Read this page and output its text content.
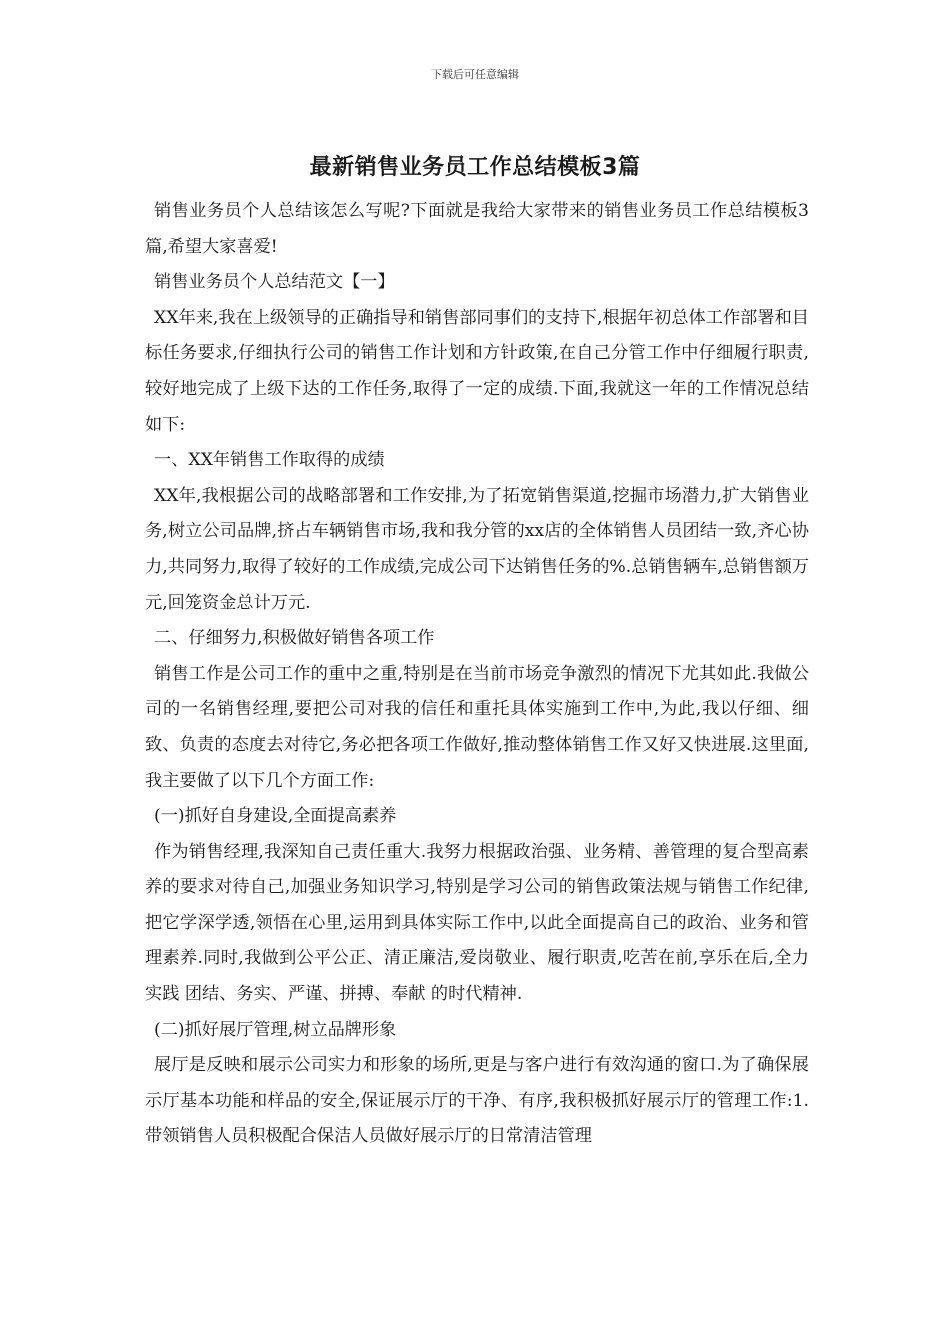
下载后可任意编辑
最新销售业务员工作总结模板3篇

销售业务员个人总结该怎么写呢?下面就是我给大家带来的销售业务员工作总结模板3篇,希望大家喜爱!

销售业务员个人总结范文【一】

XX年来,我在上级领导的正确指导和销售部同事们的支持下,根据年初总体工作部署和目标任务要求,仔细执行公司的销售工作计划和方针政策,在自己分管工作中仔细履行职责,较好地完成了上级下达的工作任务,取得了一定的成绩.下面,我就这一年的工作情况总结如下:

一、XX年销售工作取得的成绩

XX年,我根据公司的战略部署和工作安排,为了拓宽销售渠道,挖掘市场潜力,扩大销售业务,树立公司品牌,挤占车辆销售市场,我和我分管的xx店的全体销售人员团结一致,齐心协力,共同努力,取得了较好的工作成绩,完成公司下达销售任务的%.总销售辆车,总销售额万元,回笼资金总计万元.

二、仔细努力,积极做好销售各项工作

销售工作是公司工作的重中之重,特别是在当前市场竞争激烈的情况下尤其如此.我做公司的一名销售经理,要把公司对我的信任和重托具体实施到工作中,为此,我以仔细、细致、负责的态度去对待它,务必把各项工作做好,推动整体销售工作又好又快进展.这里面,我主要做了以下几个方面工作:

(一)抓好自身建设,全面提高素养

作为销售经理,我深知自己责任重大.我努力根据政治强、业务精、善管理的复合型高素养的要求对待自己,加强业务知识学习,特别是学习公司的销售政策法规与销售工作纪律,把它学深学透,领悟在心里,运用到具体实际工作中,以此全面提高自己的政治、业务和管理素养.同时,我做到公平公正、清正廉洁,爱岗敬业、履行职责,吃苦在前,享乐在后,全力实践 团结、务实、严谨、拼搏、奉献 的时代精神.

(二)抓好展厅管理,树立品牌形象

展厅是反映和展示公司实力和形象的场所,更是与客户进行有效沟通的窗口.为了确保展示厅基本功能和样品的安全,保证展示厅的干净、有序,我积极抓好展示厅的管理工作:1.带领销售人员积极配合保洁人员做好展示厅的日常清洁管理
